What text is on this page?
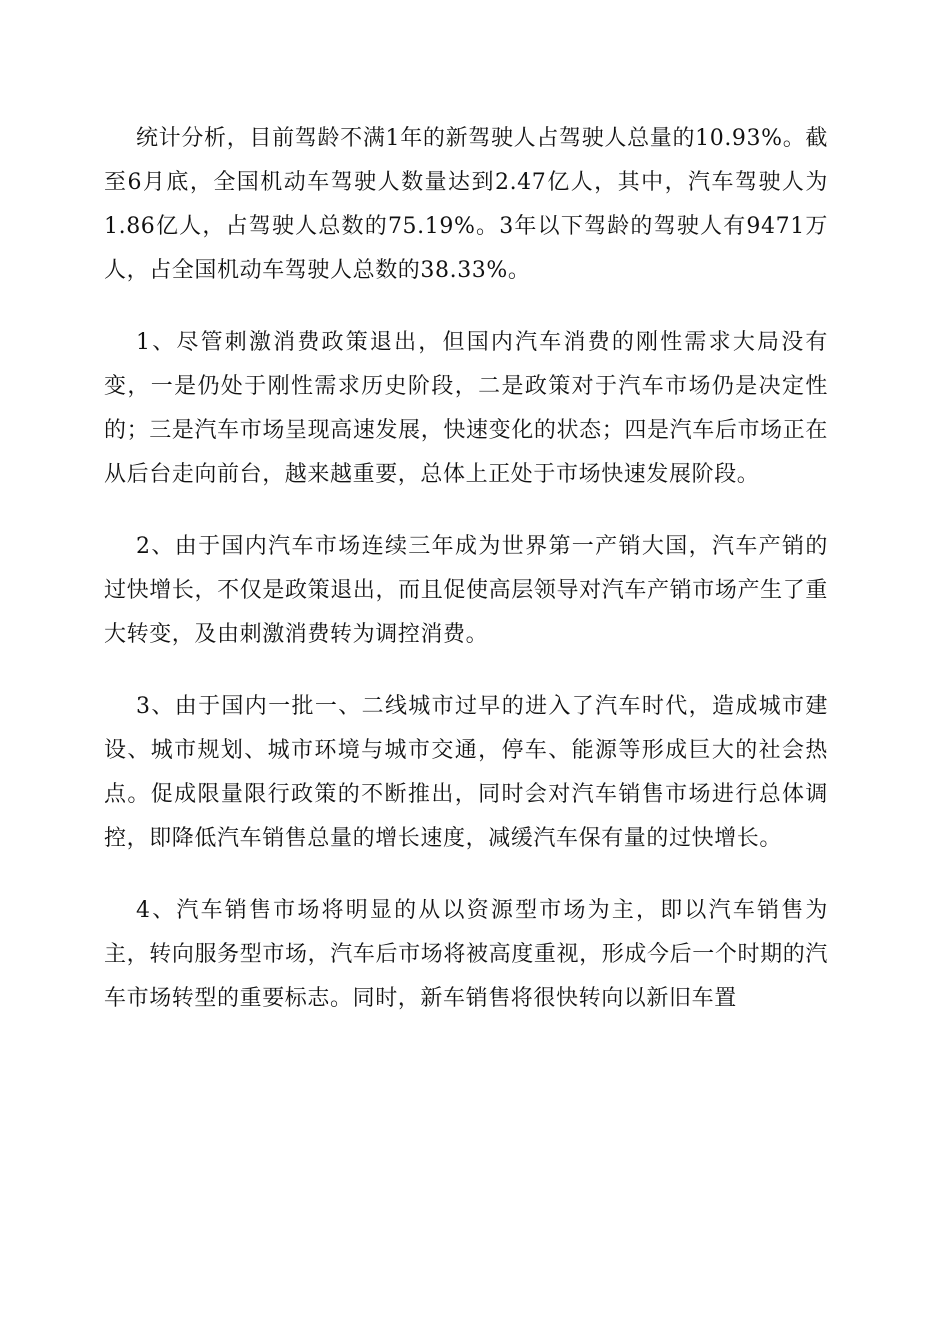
统计分析，目前驾龄不满1年的新驾驶人占驾驶人总量的10.93%。截至6月底，全国机动车驾驶人数量达到2.47亿人，其中，汽车驾驶人为1.86亿人，占驾驶人总数的75.19%。3年以下驾龄的驾驶人有9471万人，占全国机动车驾驶人总数的38.33%。

1、尽管刺激消费政策退出，但国内汽车消费的刚性需求大局没有变，一是仍处于刚性需求历史阶段，二是政策对于汽车市场仍是决定性的；三是汽车市场呈现高速发展，快速变化的状态；四是汽车后市场正在从后台走向前台，越来越重要，总体上正处于市场快速发展阶段。

2、由于国内汽车市场连续三年成为世界第一产销大国，汽车产销的过快增长，不仅是政策退出，而且促使高层领导对汽车产销市场产生了重大转变，及由刺激消费转为调控消费。

3、由于国内一批一、二线城市过早的进入了汽车时代，造成城市建设、城市规划、城市环境与城市交通，停车、能源等形成巨大的社会热点。促成限量限行政策的不断推出，同时会对汽车销售市场进行总体调控，即降低汽车销售总量的增长速度，减缓汽车保有量的过快增长。

4、汽车销售市场将明显的从以资源型市场为主，即以汽车销售为主，转向服务型市场，汽车后市场将被高度重视，形成今后一个时期的汽车市场转型的重要标志。同时，新车销售将很快转向以新旧车置
